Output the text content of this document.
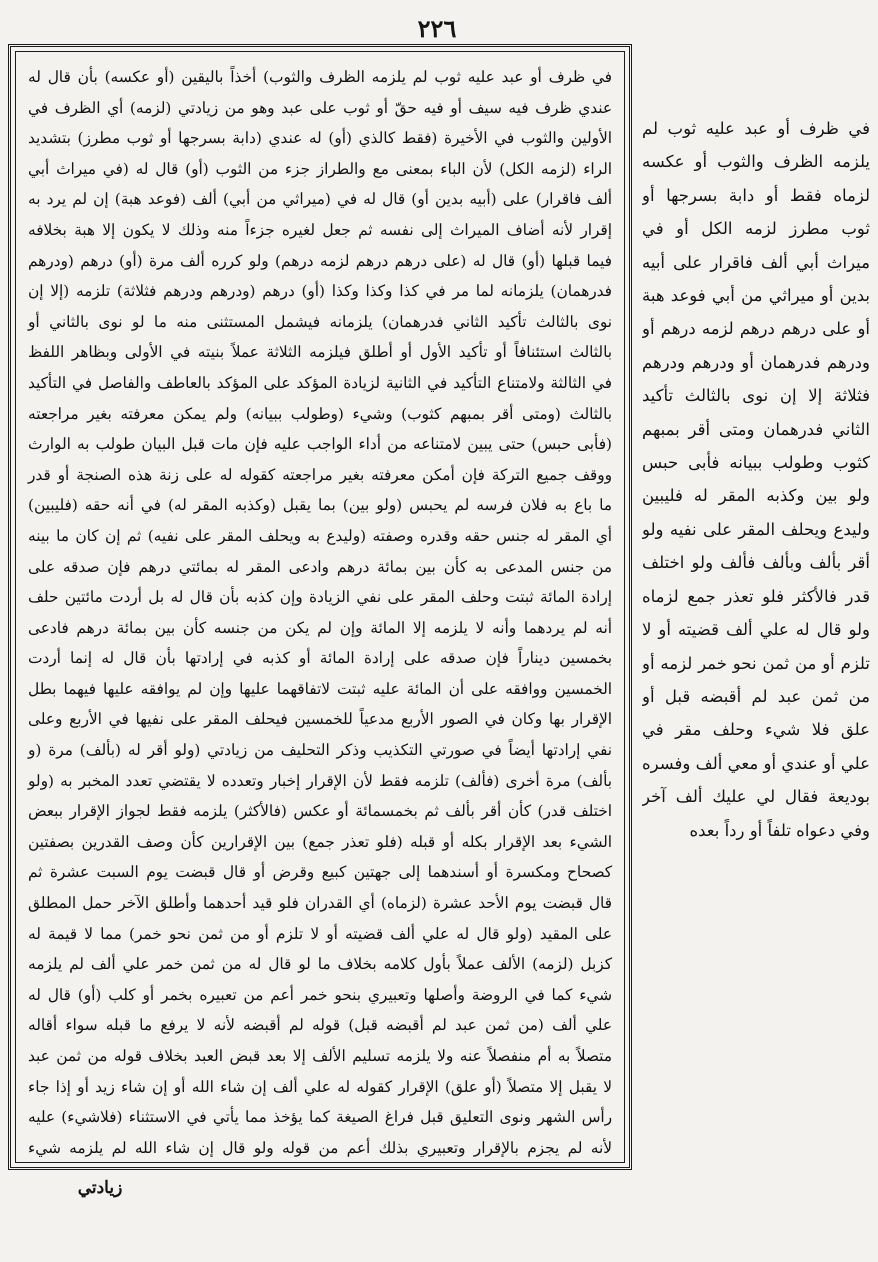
٢٢٦
في ظرف أو عبد عليه ثوب لم يلزمه الظرف والثوب) أخذاً باليقين (أو عكسه) بأن قال له عندي ظرف فيه سيف أو فيه حقّ أو ثوب على عبد وهو من زيادتي (لزمه) أي الظرف في الأولين والثوب في الأخيرة (فقط كالذي (أو) له عندي (دابة بسرجها أو ثوب مطرز) بتشديد الراء (لزمه الكل) لأن الباء بمعنى مع والطراز جزء من الثوب (أو) قال له (في ميراث أبي ألف فاقرار) على (أبيه بدين أو) قال له في (ميراثي من أبي) ألف (فوعد هبة) إن لم يرد به إقرار لأنه أضاف الميراث إلى نفسه ثم جعل لغيره جزءاً منه وذلك لا يكون إلا هبة بخلافه فيما قبلها (أو) قال له (على درهم درهم لزمه درهم) ولو كرره ألف مرة (أو) درهم (ودرهم فدرهمان) يلزمانه لما مر في كذا وكذا وكذا (أو) درهم (ودرهم ودرهم فثلاثة) تلزمه (إلا إن نوى بالثالث تأكيد الثاني فدرهمان) يلزمانه فيشمل المستثنى منه ما لو نوى بالثاني أو بالثالث استئنافاً أو تأكيد الأول أو أطلق فيلزمه الثلاثة عملاً بنيته في الأولى وبظاهر اللفظ في الثالثة ولامتناع التأكيد في الثانية لزيادة المؤكد على المؤكد بالعاطف والفاصل في التأكيد بالثالث (ومتى أقر بمبهم كثوب) وشيء (وطولب ببيانه) ولم يمكن معرفته بغير مراجعته (فأبى حبس) حتى يبين لامتناعه من أداء الواجب عليه فإن مات قبل البيان طولب به الوارث ووقف جميع التركة فإن أمكن معرفته بغير مراجعته كقوله له على زنة هذه الصنجة أو قدر ما باع به فلان فرسه لم يحبس (ولو بين) بما يقبل (وكذبه المقر له) في أنه حقه (فليبين) أي المقر له جنس حقه وقدره وصفته (وليدع به ويحلف المقر على نفيه) ثم إن كان ما بينه من جنس المدعى به كأن بين بمائة درهم وادعى المقر له بمائتي درهم فإن صدقه على إرادة المائة ثبتت وحلف المقر على نفي الزيادة وإن كذبه بأن قال له بل أردت مائتين حلف أنه لم يردهما وأنه لا يلزمه إلا المائة وإن لم يكن من جنسه كأن بين بمائة درهم فادعى بخمسين ديناراً فإن صدقه على إرادة المائة أو كذبه في إرادتها بأن قال له إنما أردت الخمسين ووافقه على أن المائة عليه ثبتت لاتفاقهما عليها وإن لم يوافقه عليها فيهما بطل الإقرار بها وكان في الصور الأربع مدعياً للخمسين فيحلف المقر على نفيها في الأربع وعلى نفي إرادتها أيضاً في صورتي التكذيب وذكر التحليف من زيادتي (ولو أقر له (بألف) مرة (و بألف) مرة أخرى (فألف) تلزمه فقط لأن الإقرار إخبار وتعدده لا يقتضي تعدد المخبر به (ولو اختلف قدر) كأن أقر بألف ثم بخمسمائة أو عكس (فالأكثر) يلزمه فقط لجواز الإقرار ببعض الشيء بعد الإقرار بكله أو قبله (فلو تعذر جمع) بين الإقرارين كأن وصف القدرين بصفتين كصحاح ومكسرة أو أسندهما إلى جهتين كبيع وقرض أو قال قبضت يوم السبت عشرة ثم قال قبضت يوم الأحد عشرة (لزماه) أي القدران فلو قيد أحدهما وأطلق الآخر حمل المطلق على المقيد (ولو قال له علي ألف قضيته أو لا تلزم أو من ثمن نحو خمر) مما لا قيمة له كزبل (لزمه) الألف عملاً بأول كلامه بخلاف ما لو قال له من ثمن خمر علي ألف لم يلزمه شيء كما في الروضة وأصلها وتعبيري بنحو خمر أعم من تعبيره بخمر أو كلب (أو) قال له علي ألف (من ثمن عبد لم أقبضه قبل) قوله لم أقبضه لأنه لا يرفع ما قبله سواء أقاله متصلاً به أم منفصلاً عنه ولا يلزمه تسليم الألف إلا بعد قبض العبد بخلاف قوله من ثمن عبد لا يقبل إلا متصلاً (أو علق) الإقرار كقوله له علي ألف إن شاء الله أو إن شاء زيد أو إذا جاء رأس الشهر ونوى التعليق قبل فراغ الصيغة كما يؤخذ مما يأتي في الاستثناء (فلاشيء) عليه لأنه لم يجزم بالإقرار وتعبيري بذلك أعم من قوله ولو قال إن شاء الله لم يلزمه شيء
في ظرف أو عبد عليه ثوب لم يلزمه الظرف والثوب أو عكسه لزماه فقط أو دابة بسرجها أو ثوب مطرز لزمه الكل أو في ميراث أبي ألف فاقرار على أبيه بدين أو ميراثي من أبي فوعد هبة أو على درهم درهم لزمه درهم أو ودرهم فدرهمان أو ودرهم ودرهم فثلاثة إلا إن نوى بالثالث تأكيد الثاني فدرهمان ومتى أقر بمبهم كثوب وطولب ببيانه فأبى حبس ولو بين وكذبه المقر له فليبين وليدع ويحلف المقر على نفيه ولو أقر بألف وبألف فألف ولو اختلف قدر فالأكثر فلو تعذر جمع لزماه ولو قال له علي ألف قضيته أو لا تلزم أو من ثمن نحو خمر لزمه أو من ثمن عبد لم أقبضه قبل أو علق فلا شيء وحلف مقر في علي أو عندي أو معي ألف وفسره بوديعة فقال لي عليك ألف آخر وفي دعواه تلفاً أو رداً بعده
زيادتي
